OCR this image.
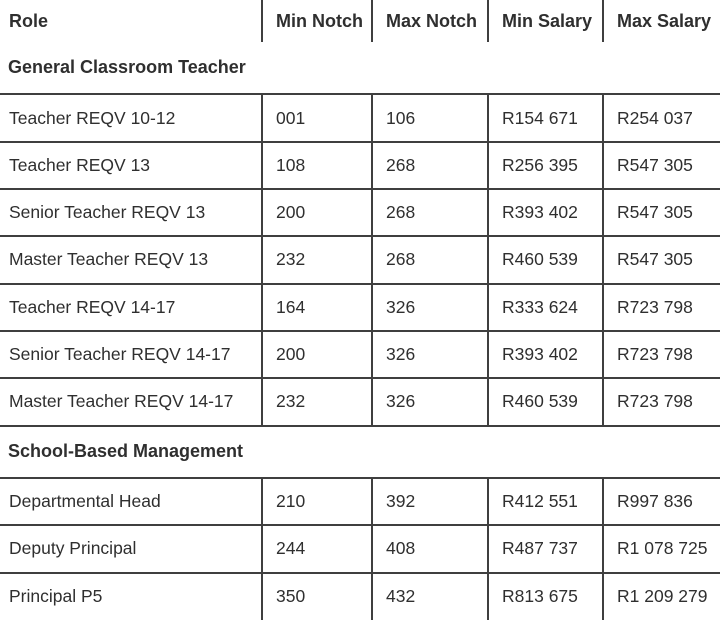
Role	Min Notch	Max Notch	Min Salary	Max Salary
General Classroom Teacher				
Teacher REQV 10-12	001	106	R154 671	R254 037
Teacher REQV 13	108	268	R256 395	R547 305
Senior Teacher REQV 13	200	268	R393 402	R547 305
Master Teacher REQV 13	232	268	R460 539	R547 305
Teacher REQV 14-17	164	326	R333 624	R723 798
Senior Teacher REQV 14-17	200	326	R393 402	R723 798
Master Teacher REQV 14-17	232	326	R460 539	R723 798
School-Based Management				
Departmental Head	210	392	R412 551	R997 836
Deputy Principal	244	408	R487 737	R1 078 725
Principal P5	350	432	R813 675	R1 209 279
